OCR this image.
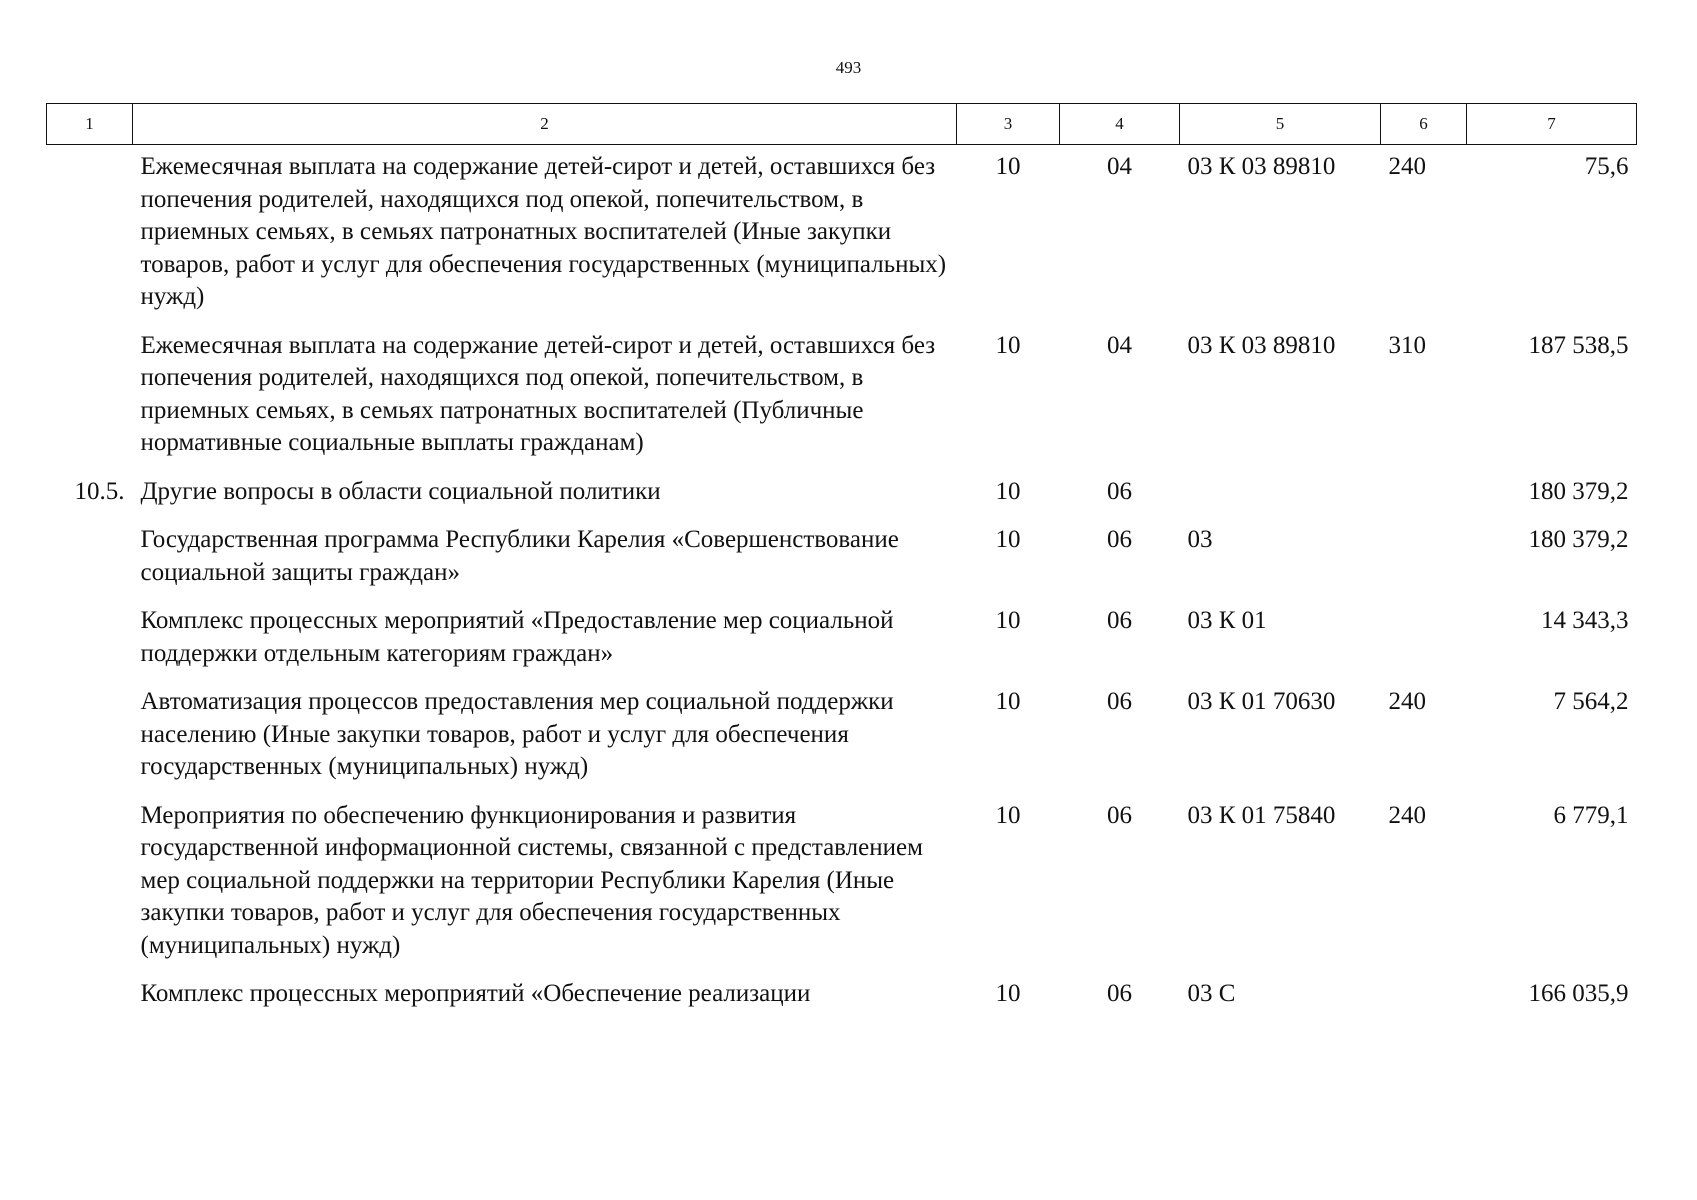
493
1	2	3	4	5	6	7
	Ежемесячная выплата на содержание детей-сирот и детей, оставшихся без попечения родителей, находящихся под опекой, попечительством, в приемных семьях, в семьях патронатных воспитателей (Иные закупки товаров, работ и услуг для обеспечения государственных (муниципальных) нужд)	10	04	03 К 03 89810	240	75,6
	Ежемесячная выплата на содержание детей-сирот и детей, оставшихся без попечения родителей, находящихся под опекой, попечительством, в приемных семьях, в семьях патронатных воспитателей (Публичные нормативные социальные выплаты гражданам)	10	04	03 К 03 89810	310	187 538,5
10.5.	Другие вопросы в области социальной политики	10	06			180 379,2
	Государственная программа Республики Карелия «Совершенствование социальной защиты граждан»	10	06	03		180 379,2
	Комплекс процессных мероприятий «Предоставление мер социальной поддержки отдельным категориям граждан»	10	06	03 К 01		14 343,3
	Автоматизация процессов предоставления мер социальной поддержки населению (Иные закупки товаров, работ и услуг для обеспечения государственных (муниципальных) нужд)	10	06	03 К 01 70630	240	7 564,2
	Мероприятия по обеспечению функционирования и развития государственной информационной системы, связанной с представлением мер социальной поддержки на территории Республики Карелия (Иные закупки товаров, работ и услуг для обеспечения государственных (муниципальных) нужд)	10	06	03 К 01 75840	240	6 779,1
	Комплекс процессных мероприятий «Обеспечение реализации	10	06	03 С		166 035,9
